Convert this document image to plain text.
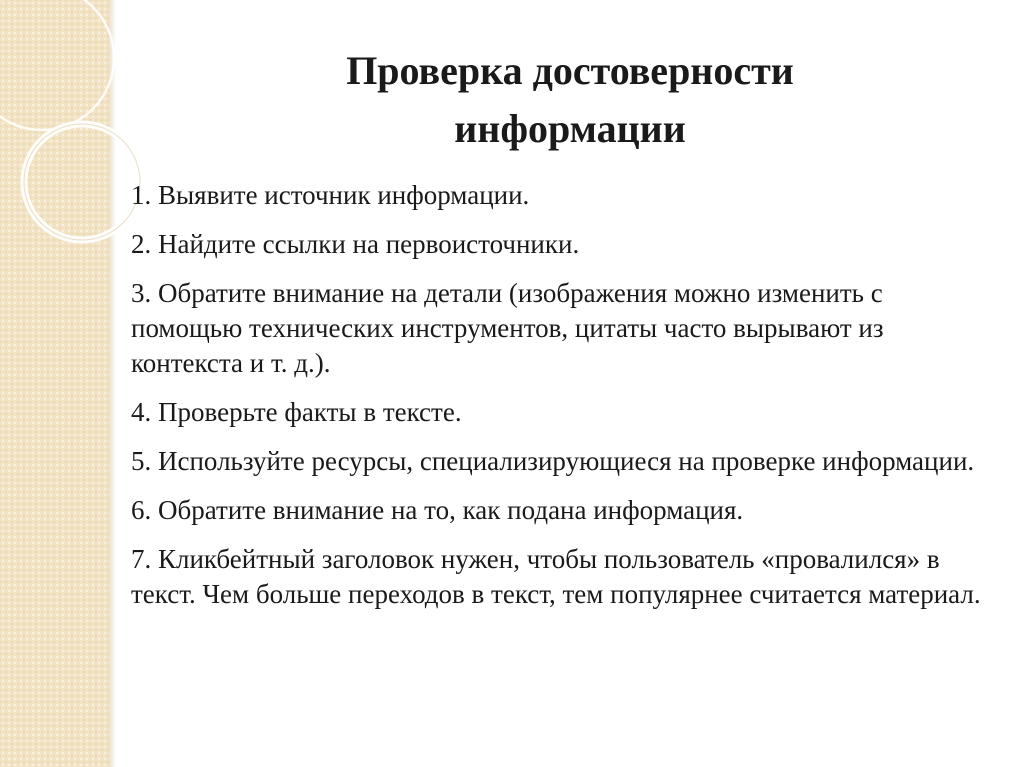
Проверка достоверности
информации
1. Выявите источник информации.
2. Найдите ссылки на первоисточники.
3. Обратите внимание на детали (изображения можно изменить с помощью технических инструментов, цитаты часто вырывают из контекста и т. д.).
4. Проверьте факты в тексте.
5. Используйте ресурсы, специализирующиеся на проверке информации.
6. Обратите внимание на то, как подана информация.
7. Кликбейтный заголовок нужен, чтобы пользователь «провалился» в текст. Чем больше переходов в текст, тем популярнее считается материал.
